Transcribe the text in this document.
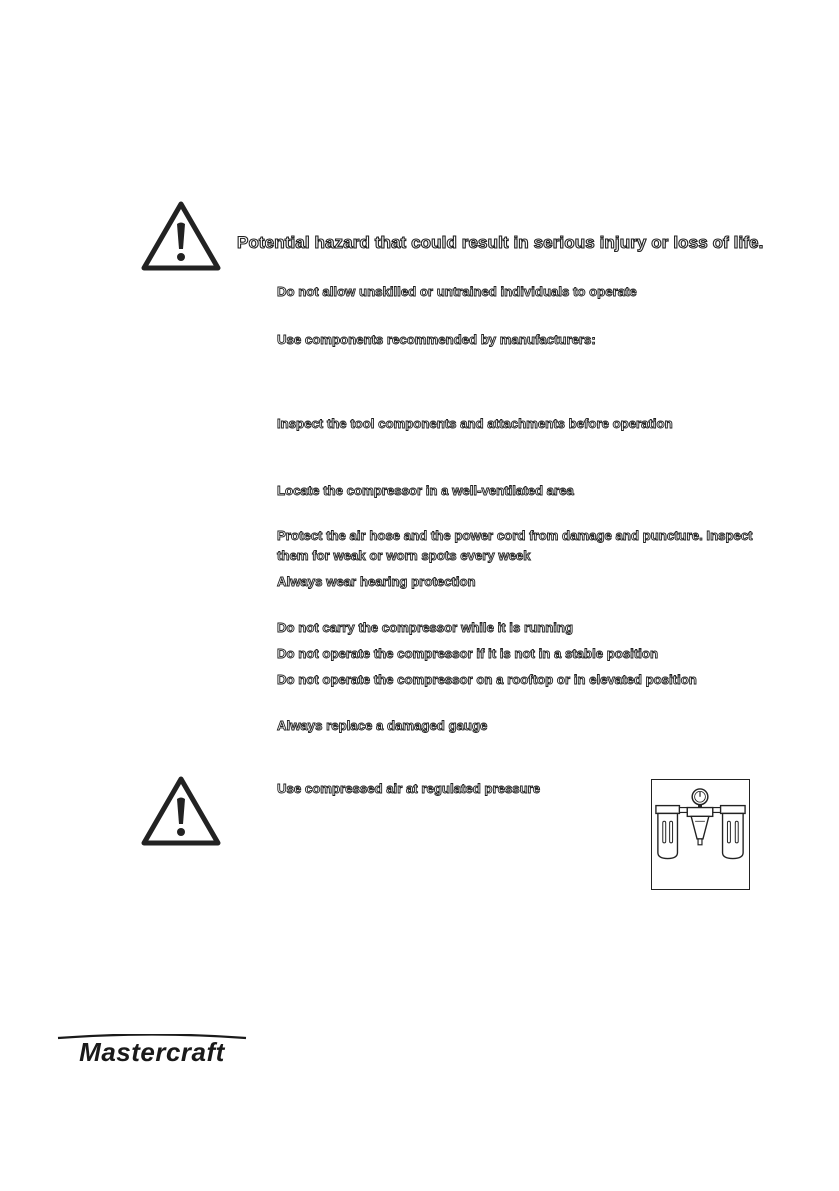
Potential hazard that could result in serious injury or loss of life.
Do not allow unskilled or untrained individuals to operate
Use components recommended by manufacturers:
Inspect the tool components and attachments before operation
Locate the compressor in a well-ventilated area
Protect the air hose and the power cord from damage and puncture. Inspect
them for weak or worn spots every week
Always wear hearing protection
Do not carry the compressor while it is running
Do not operate the compressor if it is not in a stable position
Do not operate the compressor on a rooftop or in elevated position
Always replace a damaged gauge
Use compressed air at regulated pressure
Mastercraft
